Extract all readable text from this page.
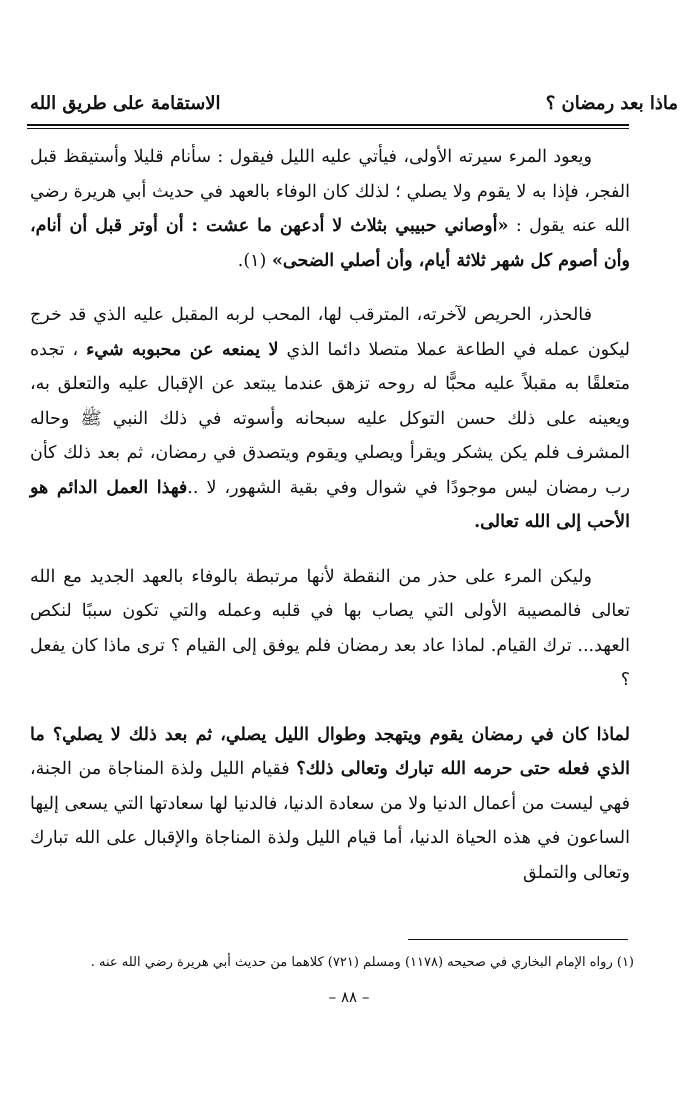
الاستقامة على طريق الله	ماذا بعد رمضان ؟

ويعود المرء سيرته الأولى، فيأتي عليه الليل فيقول : سأنام قليلا وأستيقظ قبل الفجر، فإذا به لا يقوم ولا يصلي ؛ لذلك كان الوفاء بالعهد في حديث أبي هريرة رضي الله عنه يقول : «أوصاني حبيبي بثلاث لا أدعهن ما عشت : أن أوتر قبل أن أنام، وأن أصوم كل شهر ثلاثة أيام، وأن أصلي الضحى» (١).

فالحذر، الحريص لآخرته، المترقب لها، المحب لربه المقبل عليه الذي قد خرج ليكون عمله في الطاعة عملا متصلا دائما الذي لا يمنعه عن محبوبه شيء ، تجده متعلقًا به مقبلاً عليه محبًّا له روحه تزهق عندما يبتعد عن الإقبال عليه والتعلق به، ويعينه على ذلك حسن التوكل عليه سبحانه وأسوته في ذلك النبي ﷺ وحاله المشرف فلم يكن يشكر ويقرأ ويصلي ويقوم ويتصدق في رمضان، ثم بعد ذلك كأن رب رمضان ليس موجودًا في شوال وفي بقية الشهور، لا ..فهذا العمل الدائم هو الأحب إلى الله تعالى.

وليكن المرء على حذر من النقطة لأنها مرتبطة بالوفاء بالعهد الجديد مع الله تعالى فالمصيبة الأولى التي يصاب بها في قلبه وعمله والتي تكون سببًا لنكص العهد... ترك القيام. لماذا عاد بعد رمضان فلم يوفق إلى القيام ؟ ترى ماذا كان يفعل ؟

لماذا كان في رمضان يقوم ويتهجد وطوال الليل يصلي، ثم بعد ذلك لا يصلي؟ ما الذي فعله حتى حرمه الله تبارك وتعالى ذلك؟ فقيام الليل ولذة المناجاة من الجنة، فهي ليست من أعمال الدنيا ولا من سعادة الدنيا، فالدنيا لها سعادتها التي يسعى إليها الساعون في هذه الحياة الدنيا، أما قيام الليل ولذة المناجاة والإقبال على الله تبارك وتعالى والتملق

(١) رواه الإمام البخاري في صحيحه (١١٧٨) ومسلم (٧٢١) كلاهما من حديث أبي هريرة رضي الله عنه .
– ٨٨ –
